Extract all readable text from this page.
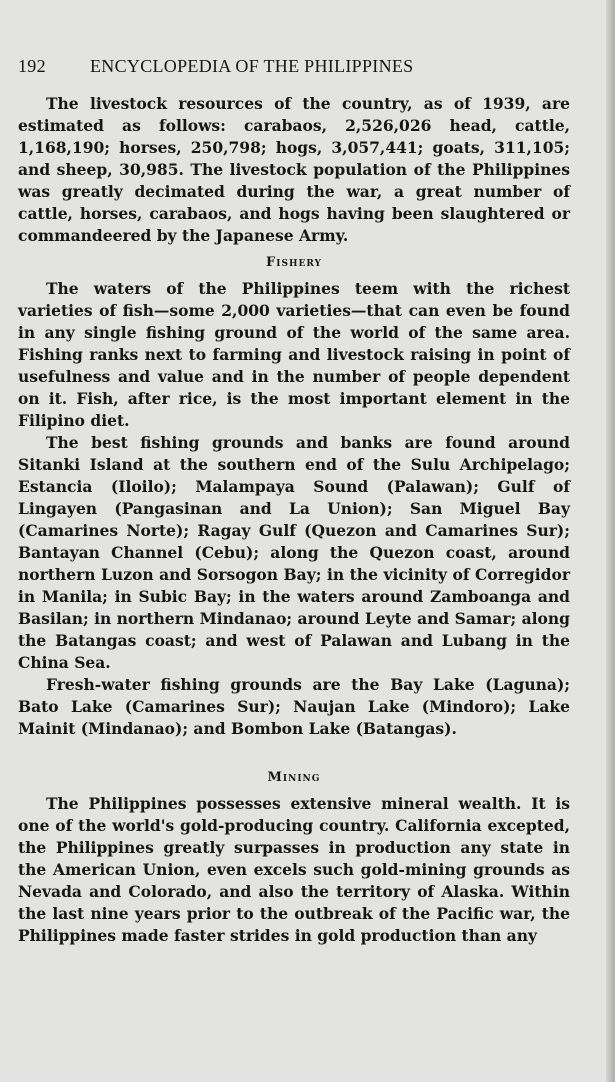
192 ENCYCLOPEDIA OF THE PHILIPPINES

The livestock resources of the country, as of 1939, are estimated as follows: carabaos, 2,526,026 head, cattle, 1,168,190; horses, 250,798; hogs, 3,057,441; goats, 311,105; and sheep, 30,985. The livestock population of the Philippines was greatly decimated during the war, a great number of cattle, horses, carabaos, and hogs having been slaughtered or commandeered by the Japanese Army.

Fishery

The waters of the Philippines teem with the richest varieties of fish—some 2,000 varieties—that can even be found in any single fishing ground of the world of the same area. Fishing ranks next to farming and livestock raising in point of usefulness and value and in the number of people dependent on it. Fish, after rice, is the most important element in the Filipino diet.

The best fishing grounds and banks are found around Sitanki Island at the southern end of the Sulu Archipelago; Estancia (Iloilo); Malampaya Sound (Palawan); Gulf of Lingayen (Pangasinan and La Union); San Miguel Bay (Camarines Norte); Ragay Gulf (Quezon and Camarines Sur); Bantayan Channel (Cebu); along the Quezon coast, around northern Luzon and Sorsogon Bay; in the vicinity of Corregidor in Manila; in Subic Bay; in the waters around Zamboanga and Basilan; in northern Mindanao; around Leyte and Samar; along the Batangas coast; and west of Palawan and Lubang in the China Sea.

Fresh-water fishing grounds are the Bay Lake (Laguna); Bato Lake (Camarines Sur); Naujan Lake (Mindoro); Lake Mainit (Mindanao); and Bombon Lake (Batangas).

Mining

The Philippines possesses extensive mineral wealth. It is one of the world's gold-producing country. California excepted, the Philippines greatly surpasses in production any state in the American Union, even excels such gold-mining grounds as Nevada and Colorado, and also the territory of Alaska. Within the last nine years prior to the outbreak of the Pacific war, the Philippines made faster strides in gold production than any
